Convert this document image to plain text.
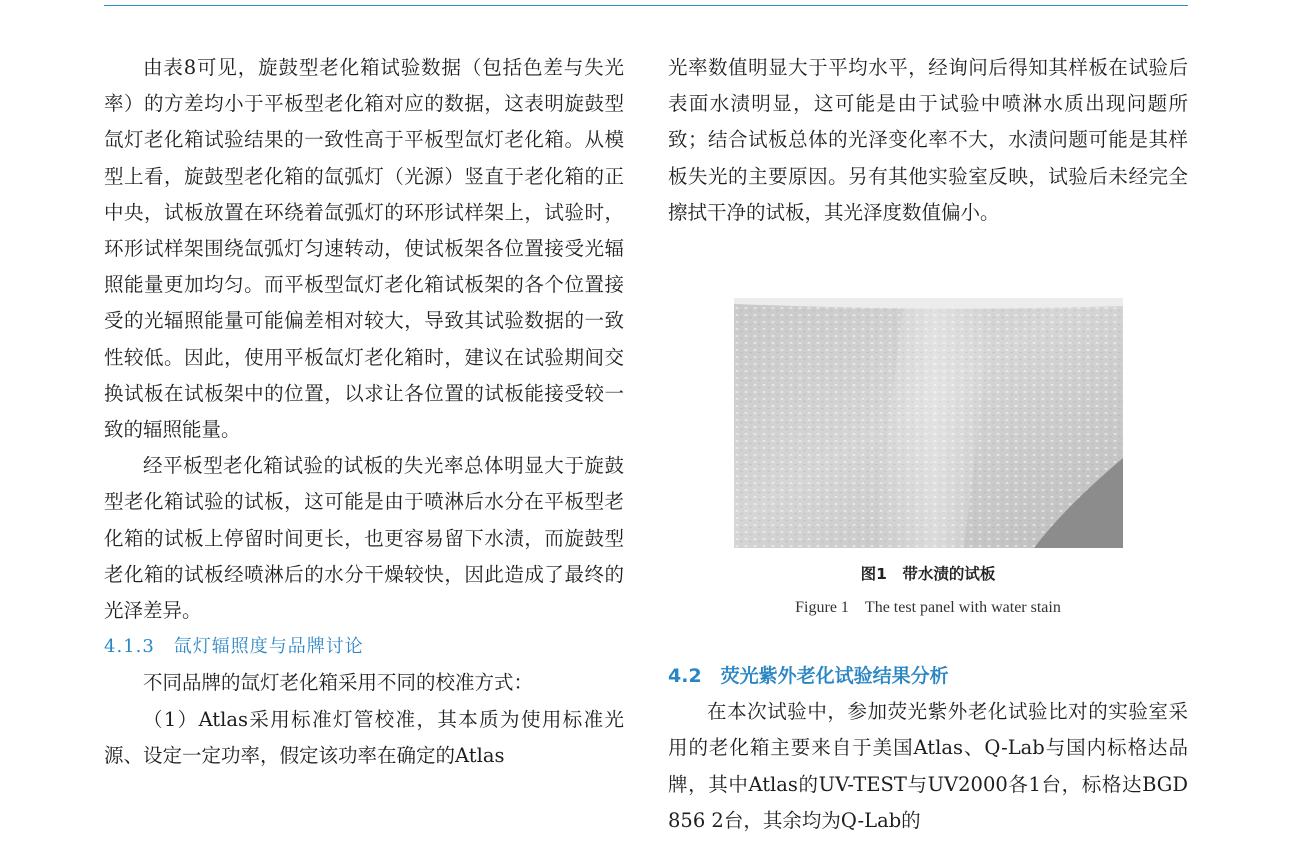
由表8可见，旋鼓型老化箱试验数据（包括色差与失光率）的方差均小于平板型老化箱对应的数据，这表明旋鼓型氙灯老化箱试验结果的一致性高于平板型氙灯老化箱。从模型上看，旋鼓型老化箱的氙弧灯（光源）竖直于老化箱的正中央，试板放置在环绕着氙弧灯的环形试样架上，试验时，环形试样架围绕氙弧灯匀速转动，使试板架各位置接受光辐照能量更加均匀。而平板型氙灯老化箱试板架的各个位置接受的光辐照能量可能偏差相对较大，导致其试验数据的一致性较低。因此，使用平板氙灯老化箱时，建议在试验期间交换试板在试板架中的位置，以求让各位置的试板能接受较一致的辐照能量。

经平板型老化箱试验的试板的失光率总体明显大于旋鼓型老化箱试验的试板，这可能是由于喷淋后水分在平板型老化箱的试板上停留时间更长，也更容易留下水渍，而旋鼓型老化箱的试板经喷淋后的水分干燥较快，因此造成了最终的光泽差异。

4.1.3　氙灯辐照度与品牌讨论

不同品牌的氙灯老化箱采用不同的校准方式：

（1）Atlas采用标准灯管校准，其本质为使用标准光源、设定一定功率，假定该功率在确定的Atlas

光率数值明显大于平均水平，经询问后得知其样板在试验后表面水渍明显，这可能是由于试验中喷淋水质出现问题所致；结合试板总体的光泽变化率不大，水渍问题可能是其样板失光的主要原因。另有其他实验室反映，试验后未经完全擦拭干净的试板，其光泽度数值偏小。

图1　带水渍的试板
Figure 1　The test panel with water stain

4.2　荧光紫外老化试验结果分析

在本次试验中，参加荧光紫外老化试验比对的实验室采用的老化箱主要来自于美国Atlas、Q-Lab与国内标格达品牌，其中Atlas的UV-TEST与UV2000各1台，标格达BGD 856 2台，其余均为Q-Lab的
